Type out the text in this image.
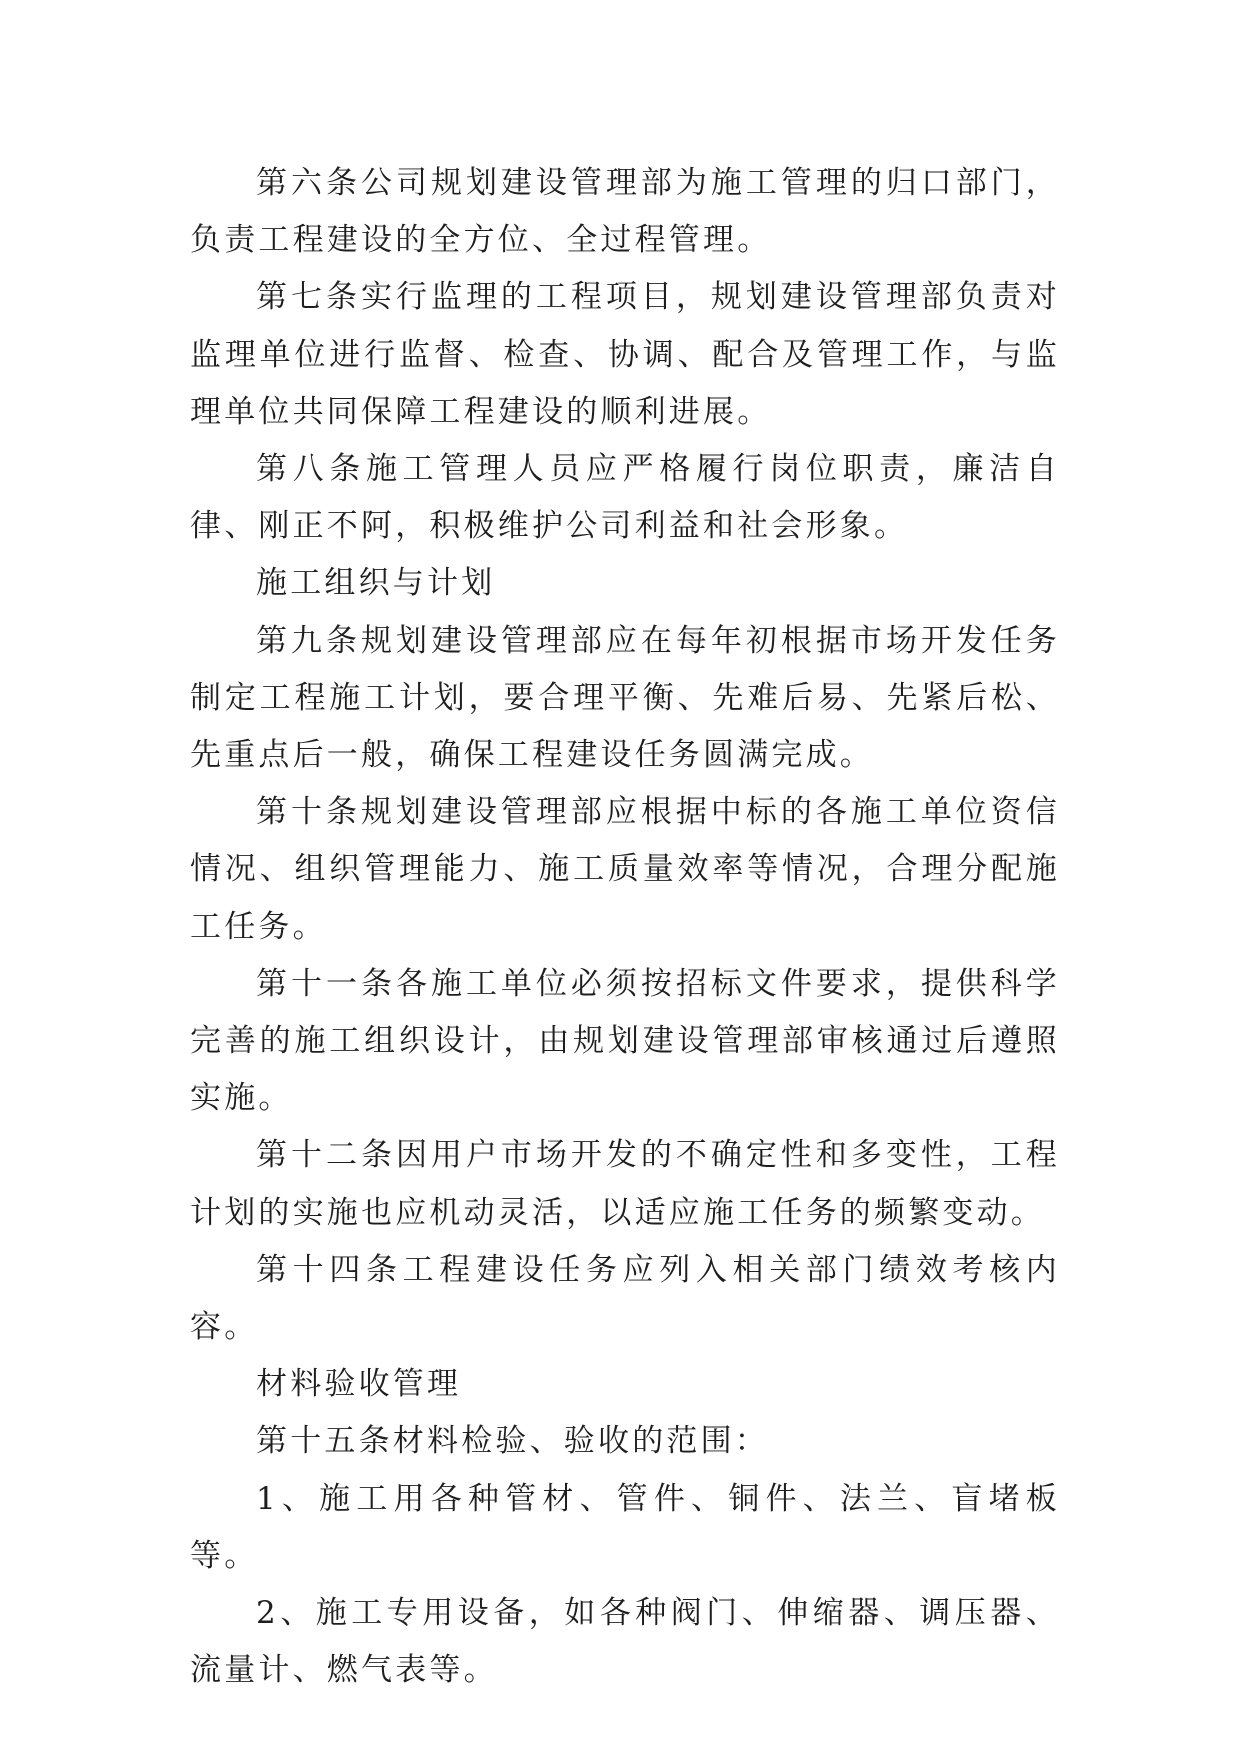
第六条公司规划建设管理部为施工管理的归口部门，负责工程建设的全方位、全过程管理。

第七条实行监理的工程项目，规划建设管理部负责对监理单位进行监督、检查、协调、配合及管理工作，与监理单位共同保障工程建设的顺利进展。

第八条施工管理人员应严格履行岗位职责，廉洁自律、刚正不阿，积极维护公司利益和社会形象。

施工组织与计划

第九条规划建设管理部应在每年初根据市场开发任务制定工程施工计划，要合理平衡、先难后易、先紧后松、先重点后一般，确保工程建设任务圆满完成。

第十条规划建设管理部应根据中标的各施工单位资信情况、组织管理能力、施工质量效率等情况，合理分配施工任务。

第十一条各施工单位必须按招标文件要求，提供科学完善的施工组织设计，由规划建设管理部审核通过后遵照实施。

第十二条因用户市场开发的不确定性和多变性，工程计划的实施也应机动灵活，以适应施工任务的频繁变动。

第十四条工程建设任务应列入相关部门绩效考核内容。

材料验收管理

第十五条材料检验、验收的范围：

1、施工用各种管材、管件、铜件、法兰、盲堵板等。

2、施工专用设备，如各种阀门、伸缩器、调压器、流量计、燃气表等。
